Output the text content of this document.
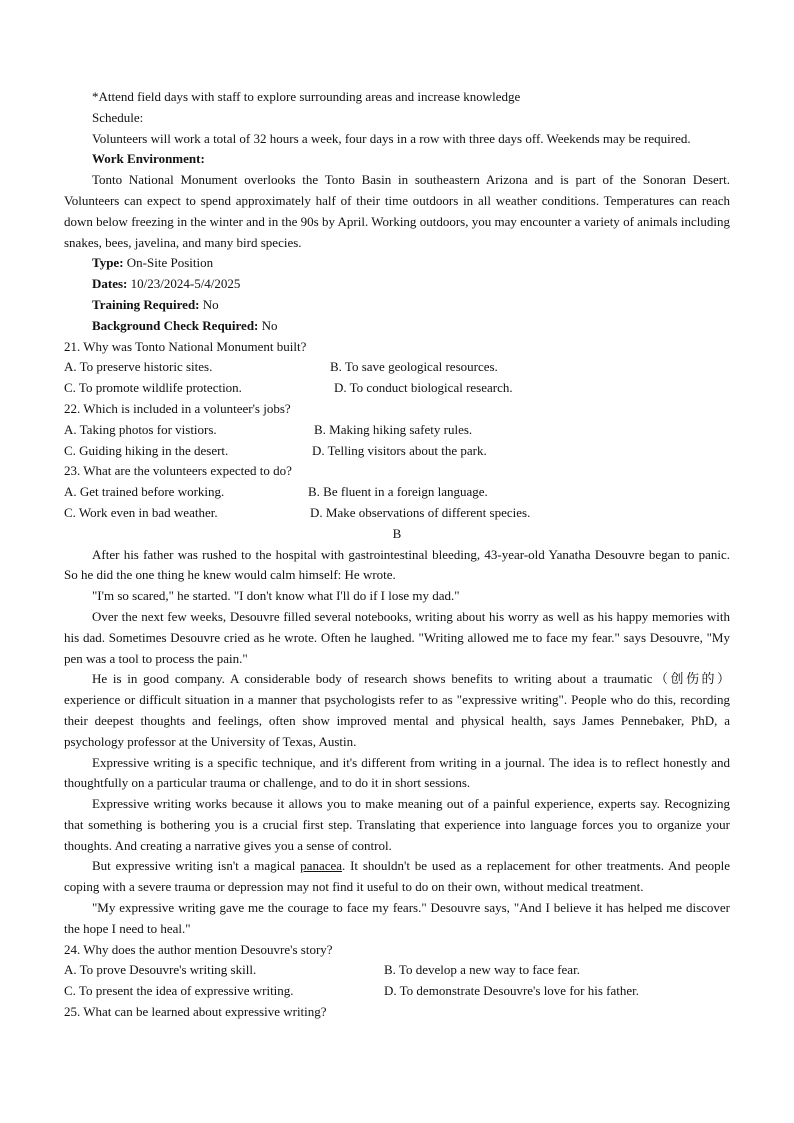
*Attend field days with staff to explore surrounding areas and increase knowledge

Schedule:

Volunteers will work a total of 32 hours a week, four days in a row with three days off. Weekends may be required.

Work Environment:

Tonto National Monument overlooks the Tonto Basin in southeastern Arizona and is part of the Sonoran Desert. Volunteers can expect to spend approximately half of their time outdoors in all weather conditions. Temperatures can reach down below freezing in the winter and in the 90s by April. Working outdoors, you may encounter a variety of animals including snakes, bees, javelina, and many bird species.

Type: On-Site Position

Dates: 10/23/2024-5/4/2025

Training Required: No

Background Check Required: No

21. Why was Tonto National Monument built?

A. To preserve historic sites.	B. To save geological resources.
C. To promote wildlife protection.	D. To conduct biological research.

22. Which is included in a volunteer's jobs?

A. Taking photos for vistiors.	B. Making hiking safety rules.
C. Guiding hiking in the desert.	D. Telling visitors about the park.

23. What are the volunteers expected to do?

A. Get trained before working.	B. Be fluent in a foreign language.
C. Work even in bad weather.	D. Make observations of different species.

B

After his father was rushed to the hospital with gastrointestinal bleeding, 43-year-old Yanatha Desouvre began to panic. So he did the one thing he knew would calm himself: He wrote.

"I'm so scared," he started. "I don't know what I'll do if I lose my dad."

Over the next few weeks, Desouvre filled several notebooks, writing about his worry as well as his happy memories with his dad. Sometimes Desouvre cried as he wrote. Often he laughed. "Writing allowed me to face my fear." says Desouvre, "My pen was a tool to process the pain."

He is in good company. A considerable body of research shows benefits to writing about a traumatic（创伤的） experience or difficult situation in a manner that psychologists refer to as "expressive writing". People who do this, recording their deepest thoughts and feelings, often show improved mental and physical health, says James Pennebaker, PhD, a psychology professor at the University of Texas, Austin.

Expressive writing is a specific technique, and it's different from writing in a journal. The idea is to reflect honestly and thoughtfully on a particular trauma or challenge, and to do it in short sessions.

Expressive writing works because it allows you to make meaning out of a painful experience, experts say. Recognizing that something is bothering you is a crucial first step. Translating that experience into language forces you to organize your thoughts. And creating a narrative gives you a sense of control.

But expressive writing isn't a magical panacea. It shouldn't be used as a replacement for other treatments. And people coping with a severe trauma or depression may not find it useful to do on their own, without medical treatment.

"My expressive writing gave me the courage to face my fears." Desouvre says, "And I believe it has helped me discover the hope I need to heal."

24. Why does the author mention Desouvre's story?

A. To prove Desouvre's writing skill.	B. To develop a new way to face fear.
C. To present the idea of expressive writing.	D. To demonstrate Desouvre's love for his father.

25. What can be learned about expressive writing?
